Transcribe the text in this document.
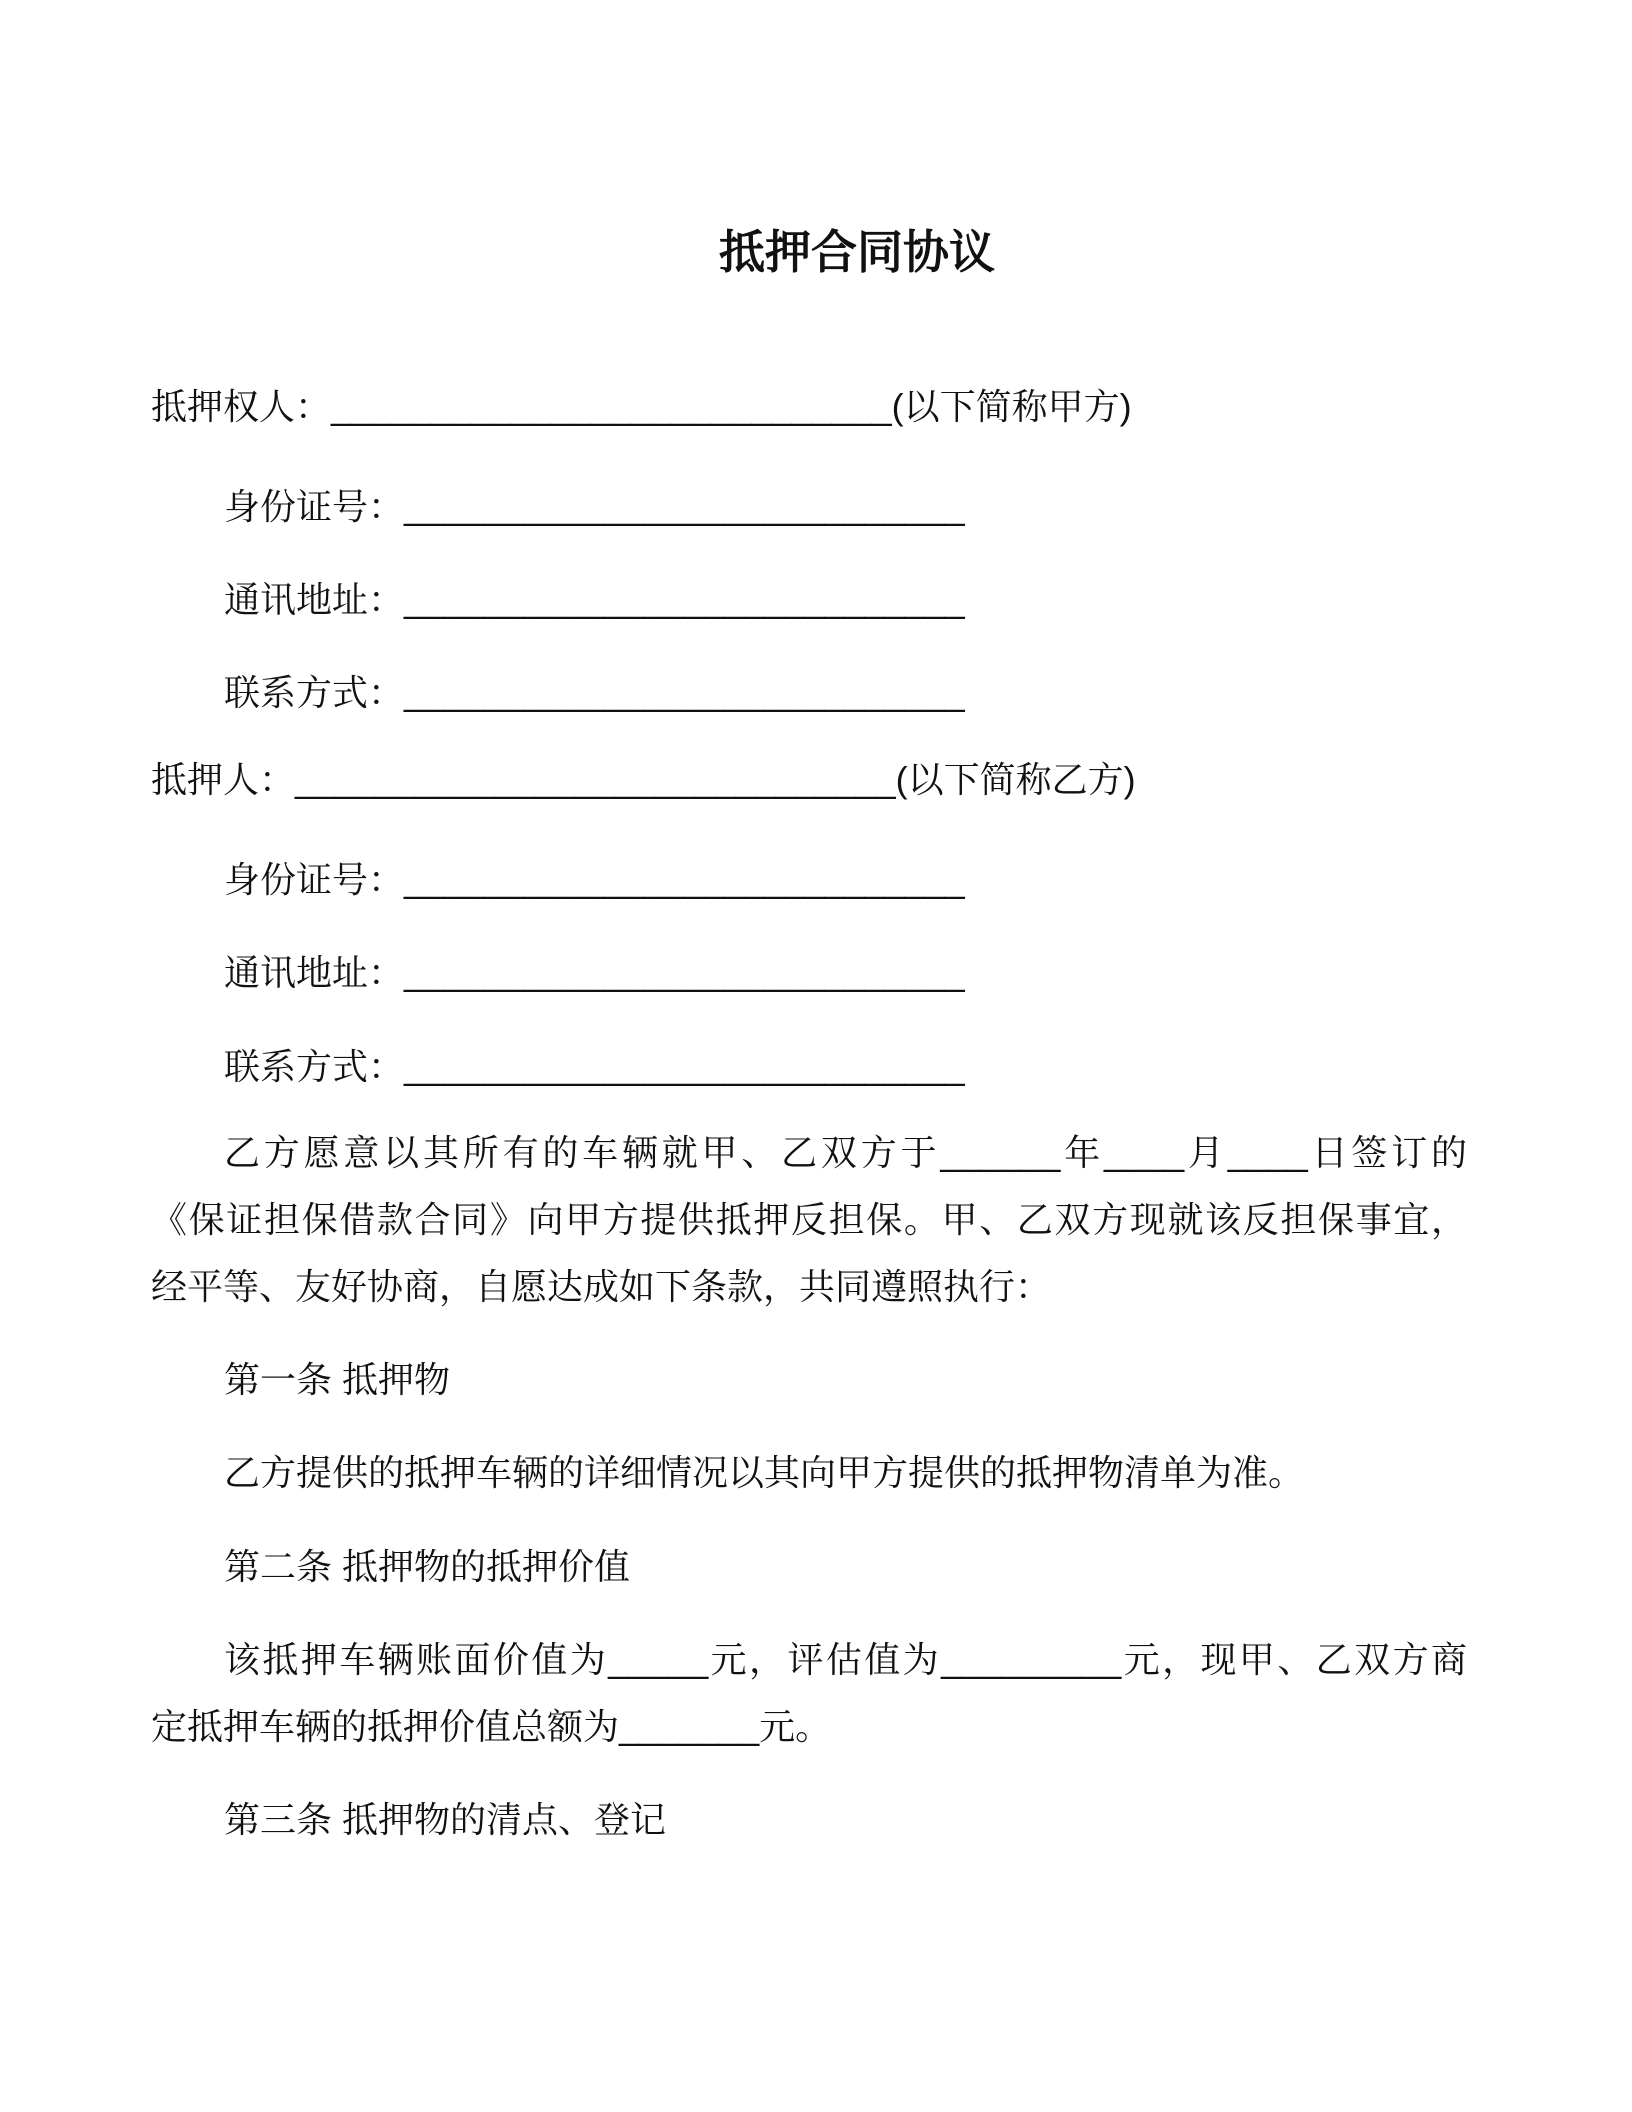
抵押合同协议
抵押权人：____________________________(以下简称甲方)
身份证号：____________________________
通讯地址：____________________________
联系方式：____________________________
抵押人：______________________________(以下简称乙方)
身份证号：____________________________
通讯地址：____________________________
联系方式：____________________________
乙方愿意以其所有的车辆就甲、乙双方于______年____月____日签订的
《保证担保借款合同》向甲方提供抵押反担保。甲、乙双方现就该反担保事宜，
经平等、友好协商，自愿达成如下条款，共同遵照执行：
第一条 抵押物
乙方提供的抵押车辆的详细情况以其向甲方提供的抵押物清单为准。
第二条 抵押物的抵押价值
该抵押车辆账面价值为_____元，评估值为_________元，现甲、乙双方商
定抵押车辆的抵押价值总额为_______元。
第三条 抵押物的清点、登记
